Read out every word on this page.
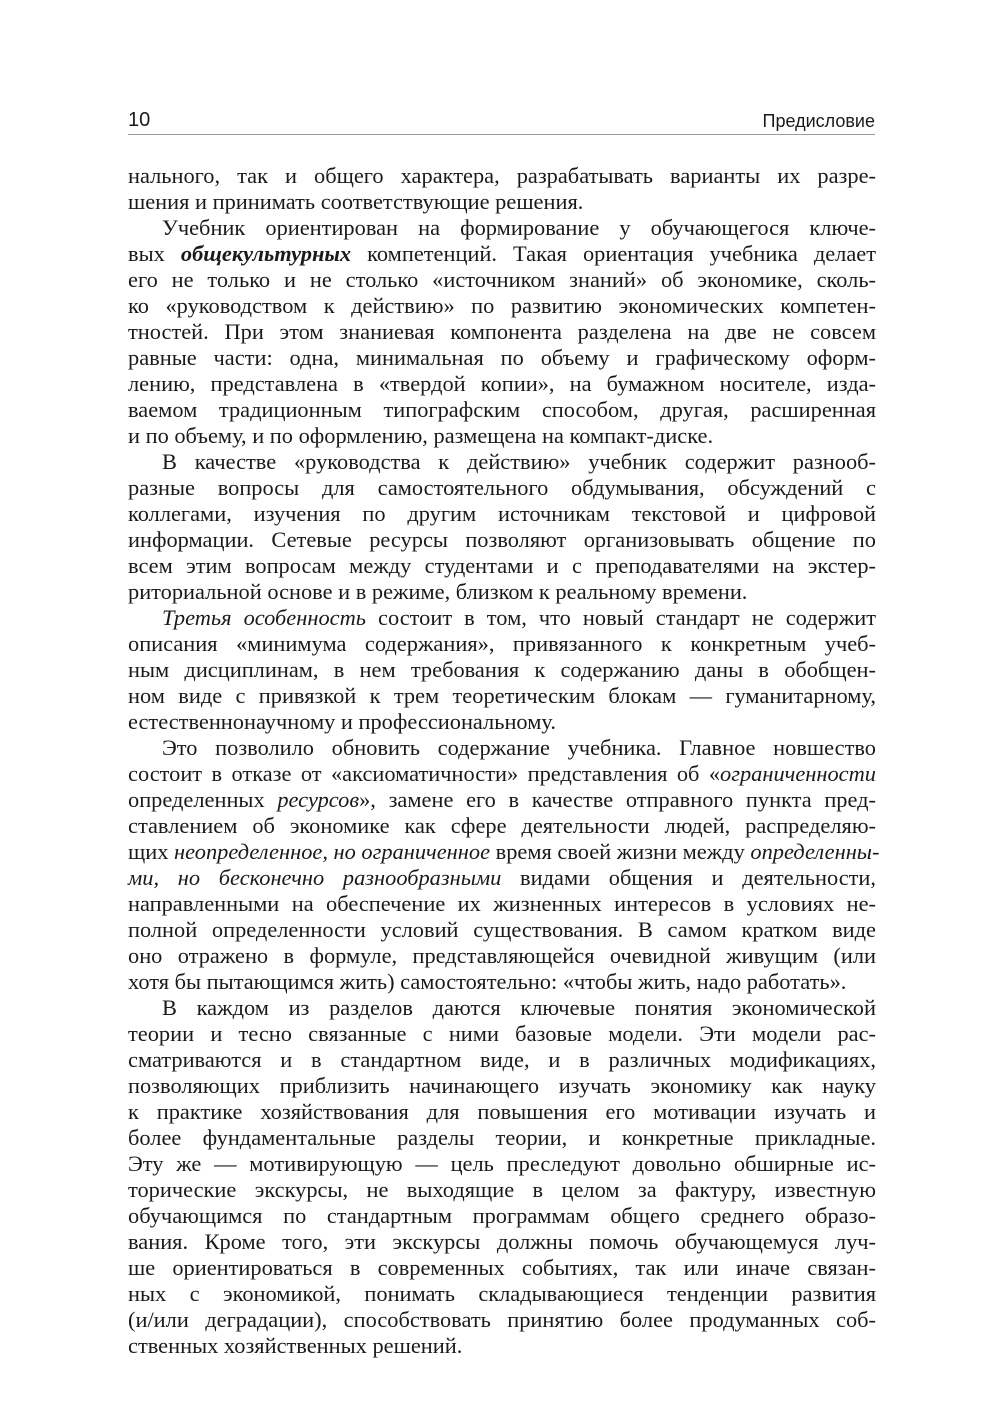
10	Предисловие
нального, так и общего характера, разрабатывать варианты их разре-
шения и принимать соответствующие решения.
Учебник ориентирован на формирование у обучающегося ключе-
вых общекультурных компетенций. Такая ориентация учебника делает
его не только и не столько «источником знаний» об экономике, сколь-
ко «руководством к действию» по развитию экономических компетен-
тностей. При этом знаниевая компонента разделена на две не совсем
равные части: одна, минимальная по объему и графическому оформ-
лению, представлена в «твердой копии», на бумажном носителе, изда-
ваемом традиционным типографским способом, другая, расширенная
и по объему, и по оформлению, размещена на компакт-диске.
В качестве «руководства к действию» учебник содержит разнооб-
разные вопросы для самостоятельного обдумывания, обсуждений с
коллегами, изучения по другим источникам текстовой и цифровой
информации. Сетевые ресурсы позволяют организовывать общение по
всем этим вопросам между студентами и с преподавателями на экстер-
риториальной основе и в режиме, близком к реальному времени.
Третья особенность состоит в том, что новый стандарт не содержит
описания «минимума содержания», привязанного к конкретным учеб-
ным дисциплинам, в нем требования к содержанию даны в обобщен-
ном виде с привязкой к трем теоретическим блокам — гуманитарному,
естественнонаучному и профессиональному.
Это позволило обновить содержание учебника. Главное новшество
состоит в отказе от «аксиоматичности» представления об «ограниченности
определенных ресурсов», замене его в качестве отправного пункта пред-
ставлением об экономике как сфере деятельности людей, распределяю-
щих неопределенное, но ограниченное время своей жизни между определенны-
ми, но бесконечно разнообразными видами общения и деятельности,
направленными на обеспечение их жизненных интересов в условиях не-
полной определенности условий существования. В самом кратком виде
оно отражено в формуле, представляющейся очевидной живущим (или
хотя бы пытающимся жить) самостоятельно: «чтобы жить, надо работать».
В каждом из разделов даются ключевые понятия экономической
теории и тесно связанные с ними базовые модели. Эти модели рас-
сматриваются и в стандартном виде, и в различных модификациях,
позволяющих приблизить начинающего изучать экономику как науку
к практике хозяйствования для повышения его мотивации изучать и
более фундаментальные разделы теории, и конкретные прикладные.
Эту же — мотивирующую — цель преследуют довольно обширные ис-
торические экскурсы, не выходящие в целом за фактуру, известную
обучающимся по стандартным программам общего среднего образо-
вания. Кроме того, эти экскурсы должны помочь обучающемуся луч-
ше ориентироваться в современных событиях, так или иначе связан-
ных с экономикой, понимать складывающиеся тенденции развития
(и/или деградации), способствовать принятию более продуманных соб-
ственных хозяйственных решений.
